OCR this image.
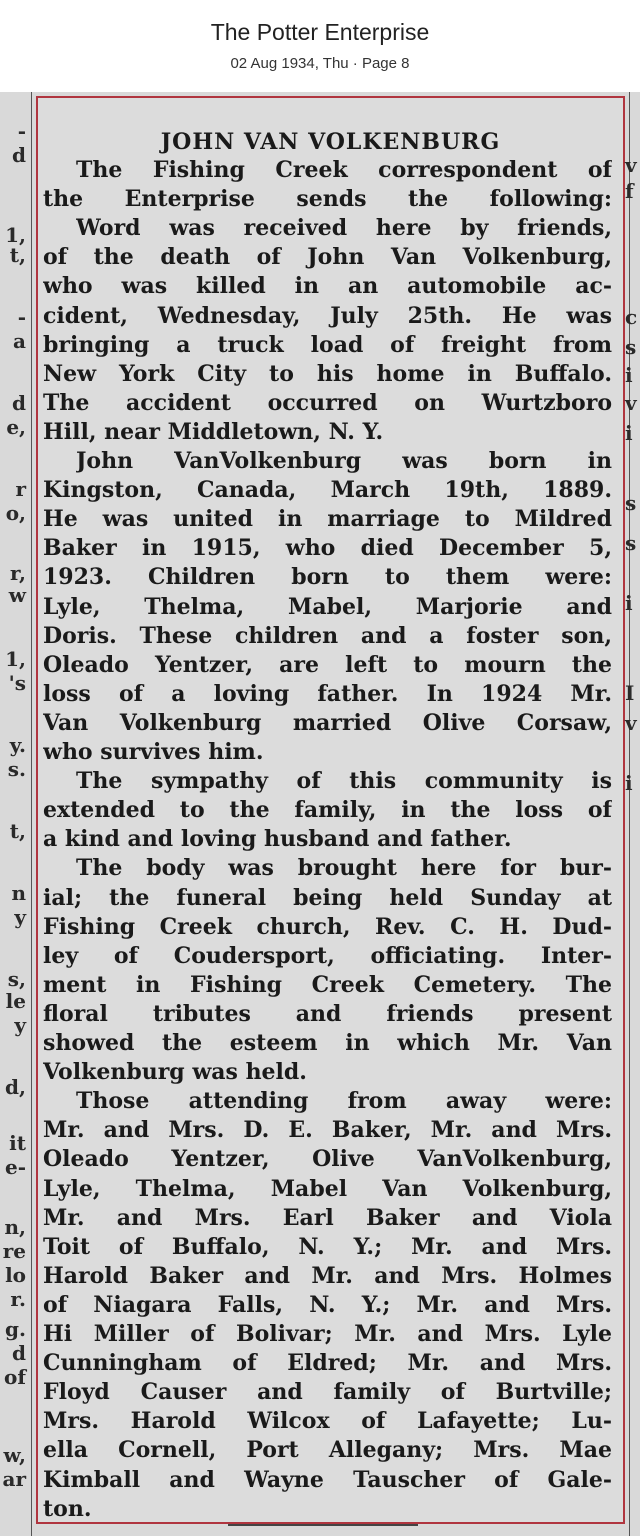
The Potter Enterprise
02 Aug 1934, Thu · Page 8
-
d
1,
t,
-
a
d
e,
r
o,
r,
w
1,
's
y.
s.
t,
n
y
s,
le
y
d,
it
e-
n,
re
lo
r.
g.
d
of
w,
ar
JOHN VAN VOLKENBURG
The Fishing Creek correspondent of
the Enterprise sends the following:
Word was received here by friends,
of the death of John Van Volkenburg,
who was killed in an automobile ac-
cident, Wednesday, July 25th. He was
bringing a truck load of freight from
New York City to his home in Buffalo.
The accident occurred on Wurtzboro
Hill, near Middletown, N. Y.
John VanVolkenburg was born in
Kingston, Canada, March 19th, 1889.
He was united in marriage to Mildred
Baker in 1915, who died December 5,
1923. Children born to them were:
Lyle, Thelma, Mabel, Marjorie and
Doris. These children and a foster son,
Oleado Yentzer, are left to mourn the
loss of a loving father. In 1924 Mr.
Van Volkenburg married Olive Corsaw,
who survives him.
The sympathy of this community is
extended to the family, in the loss of
a kind and loving husband and father.
The body was brought here for bur-
ial; the funeral being held Sunday at
Fishing Creek church, Rev. C. H. Dud-
ley of Coudersport, officiating. Inter-
ment in Fishing Creek Cemetery. The
floral tributes and friends present
showed the esteem in which Mr. Van
Volkenburg was held.
Those attending from away were:
Mr. and Mrs. D. E. Baker, Mr. and Mrs.
Oleado Yentzer, Olive VanVolkenburg,
Lyle, Thelma, Mabel Van Volkenburg,
Mr. and Mrs. Earl Baker and Viola
Toit of Buffalo, N. Y.; Mr. and Mrs.
Harold Baker and Mr. and Mrs. Holmes
of Niagara Falls, N. Y.; Mr. and Mrs.
Hi Miller of Bolivar; Mr. and Mrs. Lyle
Cunningham of Eldred; Mr. and Mrs.
Floyd Causer and family of Burtville;
Mrs. Harold Wilcox of Lafayette; Lu-
ella Cornell, Port Allegany; Mrs. Mae
Kimball and Wayne Tauscher of Gale-
ton.
v
f
c
s
i
v
i
s
s
i
I
v
i
